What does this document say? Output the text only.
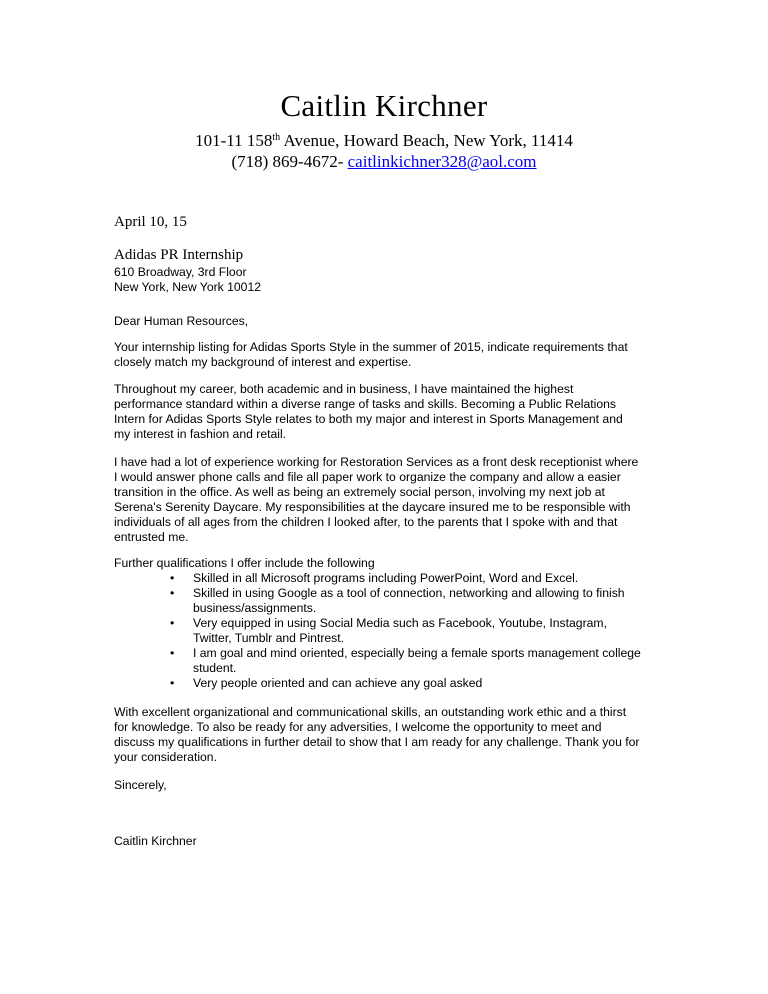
Caitlin Kirchner
101-11 158th Avenue, Howard Beach, New York, 11414
(718) 869-4672- caitlinkichner328@aol.com
April 10, 15
Adidas PR Internship
610 Broadway, 3rd Floor
New York, New York 10012
Dear Human Resources,
Your internship listing for Adidas Sports Style in the summer of 2015, indicate requirements that
closely match my background of interest and expertise.
Throughout my career, both academic and in business, I have maintained the highest
performance standard within a diverse range of tasks and skills. Becoming a Public Relations
Intern for Adidas Sports Style relates to both my major and interest in Sports Management and
my interest in fashion and retail.
I have had a lot of experience working for Restoration Services as a front desk receptionist where
I would answer phone calls and file all paper work to organize the company and allow a easier
transition in the office. As well as being an extremely social person, involving my next job at
Serena's Serenity Daycare. My responsibilities at the daycare insured me to be responsible with
individuals of all ages from the children I looked after, to the parents that I spoke with and that
entrusted me.
Further qualifications I offer include the following
• Skilled in all Microsoft programs including PowerPoint, Word and Excel.
• Skilled in using Google as a tool of connection, networking and allowing to finish
business/assignments.
• Very equipped in using Social Media such as Facebook, Youtube, Instagram,
Twitter, Tumblr and Pintrest.
• I am goal and mind oriented, especially being a female sports management college
student.
• Very people oriented and can achieve any goal asked
With excellent organizational and communicational skills, an outstanding work ethic and a thirst
for knowledge. To also be ready for any adversities, I welcome the opportunity to meet and
discuss my qualifications in further detail to show that I am ready for any challenge. Thank you for
your consideration.
Sincerely,
Caitlin Kirchner
